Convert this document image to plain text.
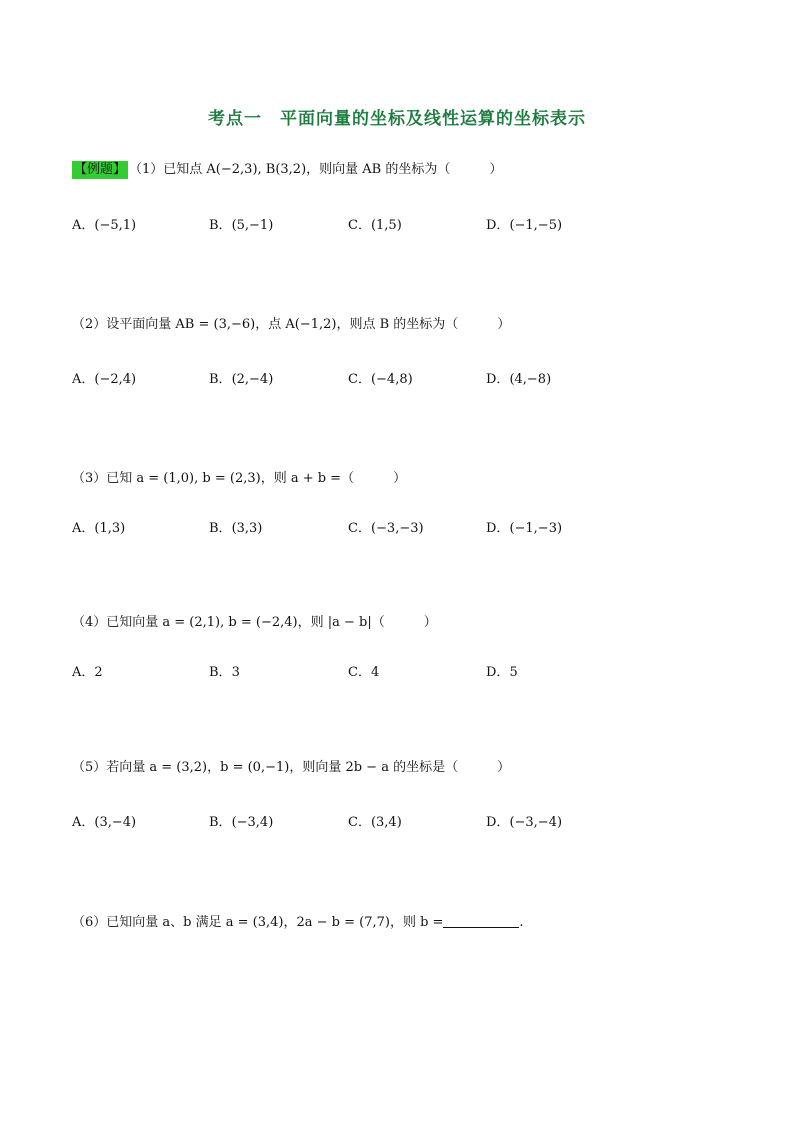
考点一　平面向量的坐标及线性运算的坐标表示
【例题】 （1）已知点 A(−2,3), B(3,2)，则向量 AB 的坐标为（　　　）
A．(−5,1)	B．(5,−1)	C．(1,5)	D．(−1,−5)
（2）设平面向量 AB = (3,−6)，点 A(−1,2)，则点 B 的坐标为（　　　）
A．(−2,4)	B．(2,−4)	C．(−4,8)	D．(4,−8)
（3）已知 a = (1,0), b = (2,3)，则 a + b =（　　　）
A．(1,3)	B．(3,3)	C．(−3,−3)	D．(−1,−3)
（4）已知向量 a = (2,1), b = (−2,4)，则 |a − b|（　　　）
A．2	B．3	C．4	D．5
（5）若向量 a = (3,2)，b = (0,−1)，则向量 2b − a 的坐标是（　　　）
A．(3,−4)	B．(−3,4)	C．(3,4)	D．(−3,−4)
（6）已知向量 a、b 满足 a = (3,4)，2a − b = (7,7)，则 b =	.
